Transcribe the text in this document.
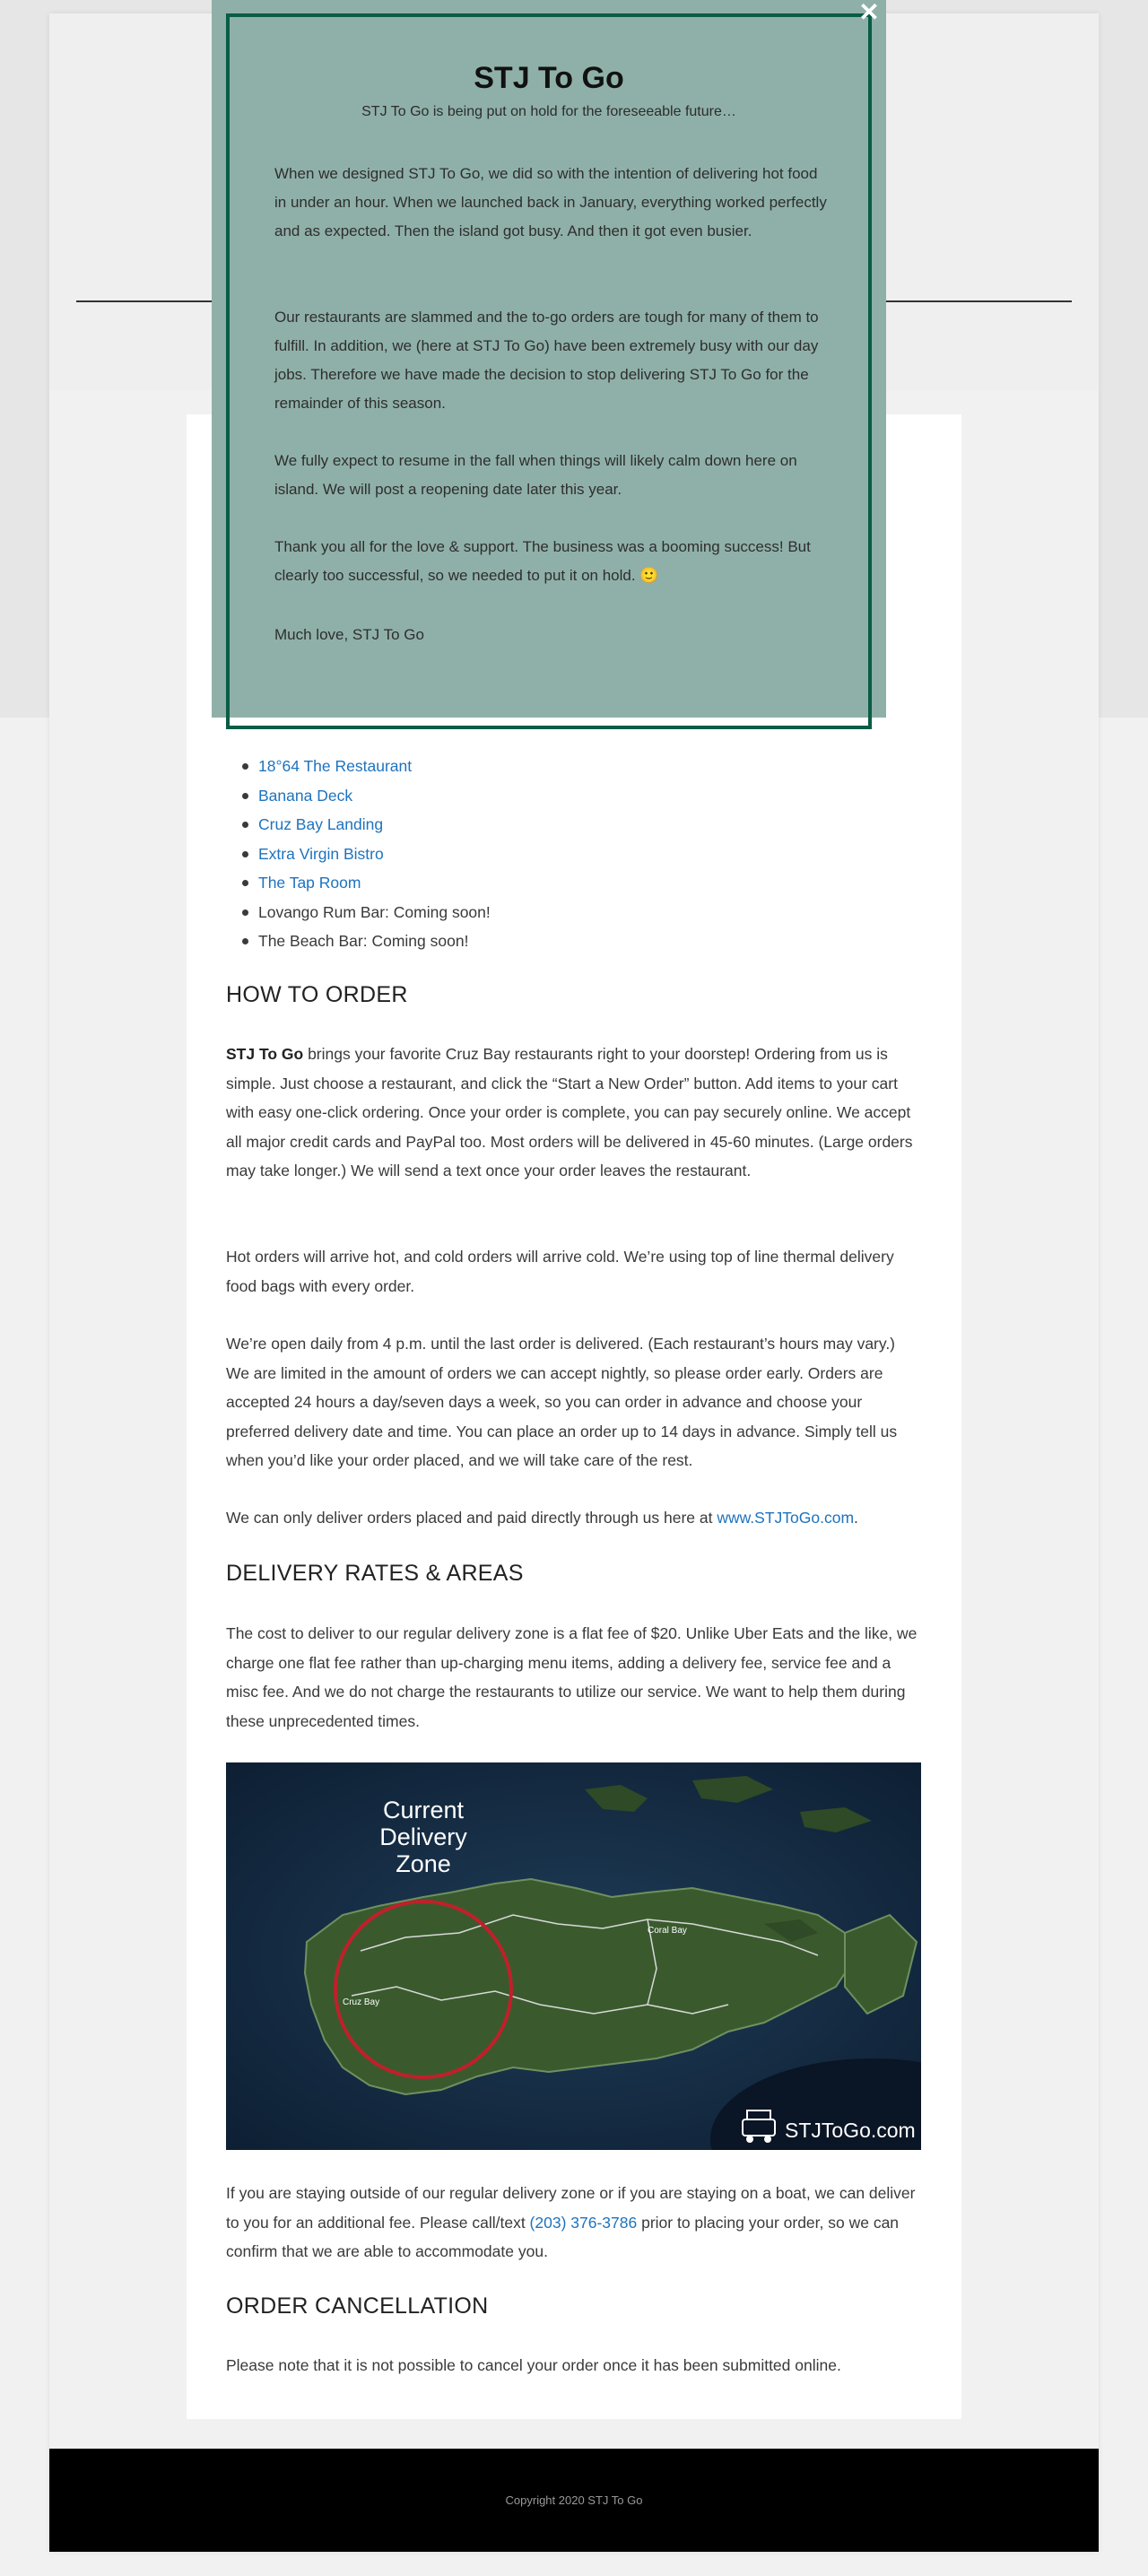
18°64 The Restaurant
Banana Deck
Cruz Bay Landing
Extra Virgin Bistro
The Tap Room
Lovango Rum Bar: Coming soon!
The Beach Bar: Coming soon!
HOW TO ORDER

STJ To Go brings your favorite Cruz Bay restaurants right to your doorstep! Ordering from us is simple. Just choose a restaurant, and click the “Start a New Order” button. Add items to your cart with easy one-click ordering. Once your order is complete, you can pay securely online. We accept all major credit cards and PayPal too. Most orders will be delivered in 45-60 minutes. (Large orders may take longer.) We will send a text once your order leaves the restaurant.

Hot orders will arrive hot, and cold orders will arrive cold. We’re using top of line thermal delivery food bags with every order.

We’re open daily from 4 p.m. until the last order is delivered. (Each restaurant’s hours may vary.) We are limited in the amount of orders we can accept nightly, so please order early. Orders are accepted 24 hours a day/seven days a week, so you can order in advance and choose your preferred delivery date and time. You can place an order up to 14 days in advance. Simply tell us when you’d like your order placed, and we will take care of the rest.

We can only deliver orders placed and paid directly through us here at www.STJToGo.com.

DELIVERY RATES & AREAS

The cost to deliver to our regular delivery zone is a flat fee of $20. Unlike Uber Eats and the like, we charge one flat fee rather than up-charging menu items, adding a delivery fee, service fee and a misc fee. And we do not charge the restaurants to utilize our service. We want to help them during these unprecedented times.

Current
Delivery
Zone
Cruz Bay
Coral Bay
STJToGo.com

If you are staying outside of our regular delivery zone or if you are staying on a boat, we can deliver to you for an additional fee. Please call/text (203) 376-3786 prior to placing your order, so we can confirm that we are able to accommodate you.

ORDER CANCELLATION

Please note that it is not possible to cancel your order once it has been submitted online.

Copyright 2020 STJ To Go

✕
STJ To Go

STJ To Go is being put on hold for the foreseeable future…

When we designed STJ To Go, we did so with the intention of delivering hot food in under an hour. When we launched back in January, everything worked perfectly and as expected. Then the island got busy. And then it got even busier.

Our restaurants are slammed and the to-go orders are tough for many of them to fulfill. In addition, we (here at STJ To Go) have been extremely busy with our day jobs. Therefore we have made the decision to stop delivering STJ To Go for the remainder of this season.

We fully expect to resume in the fall when things will likely calm down here on island. We will post a reopening date later this year.

Thank you all for the love & support. The business was a booming success! But clearly too successful, so we needed to put it on hold. 🙂

Much love, STJ To Go
